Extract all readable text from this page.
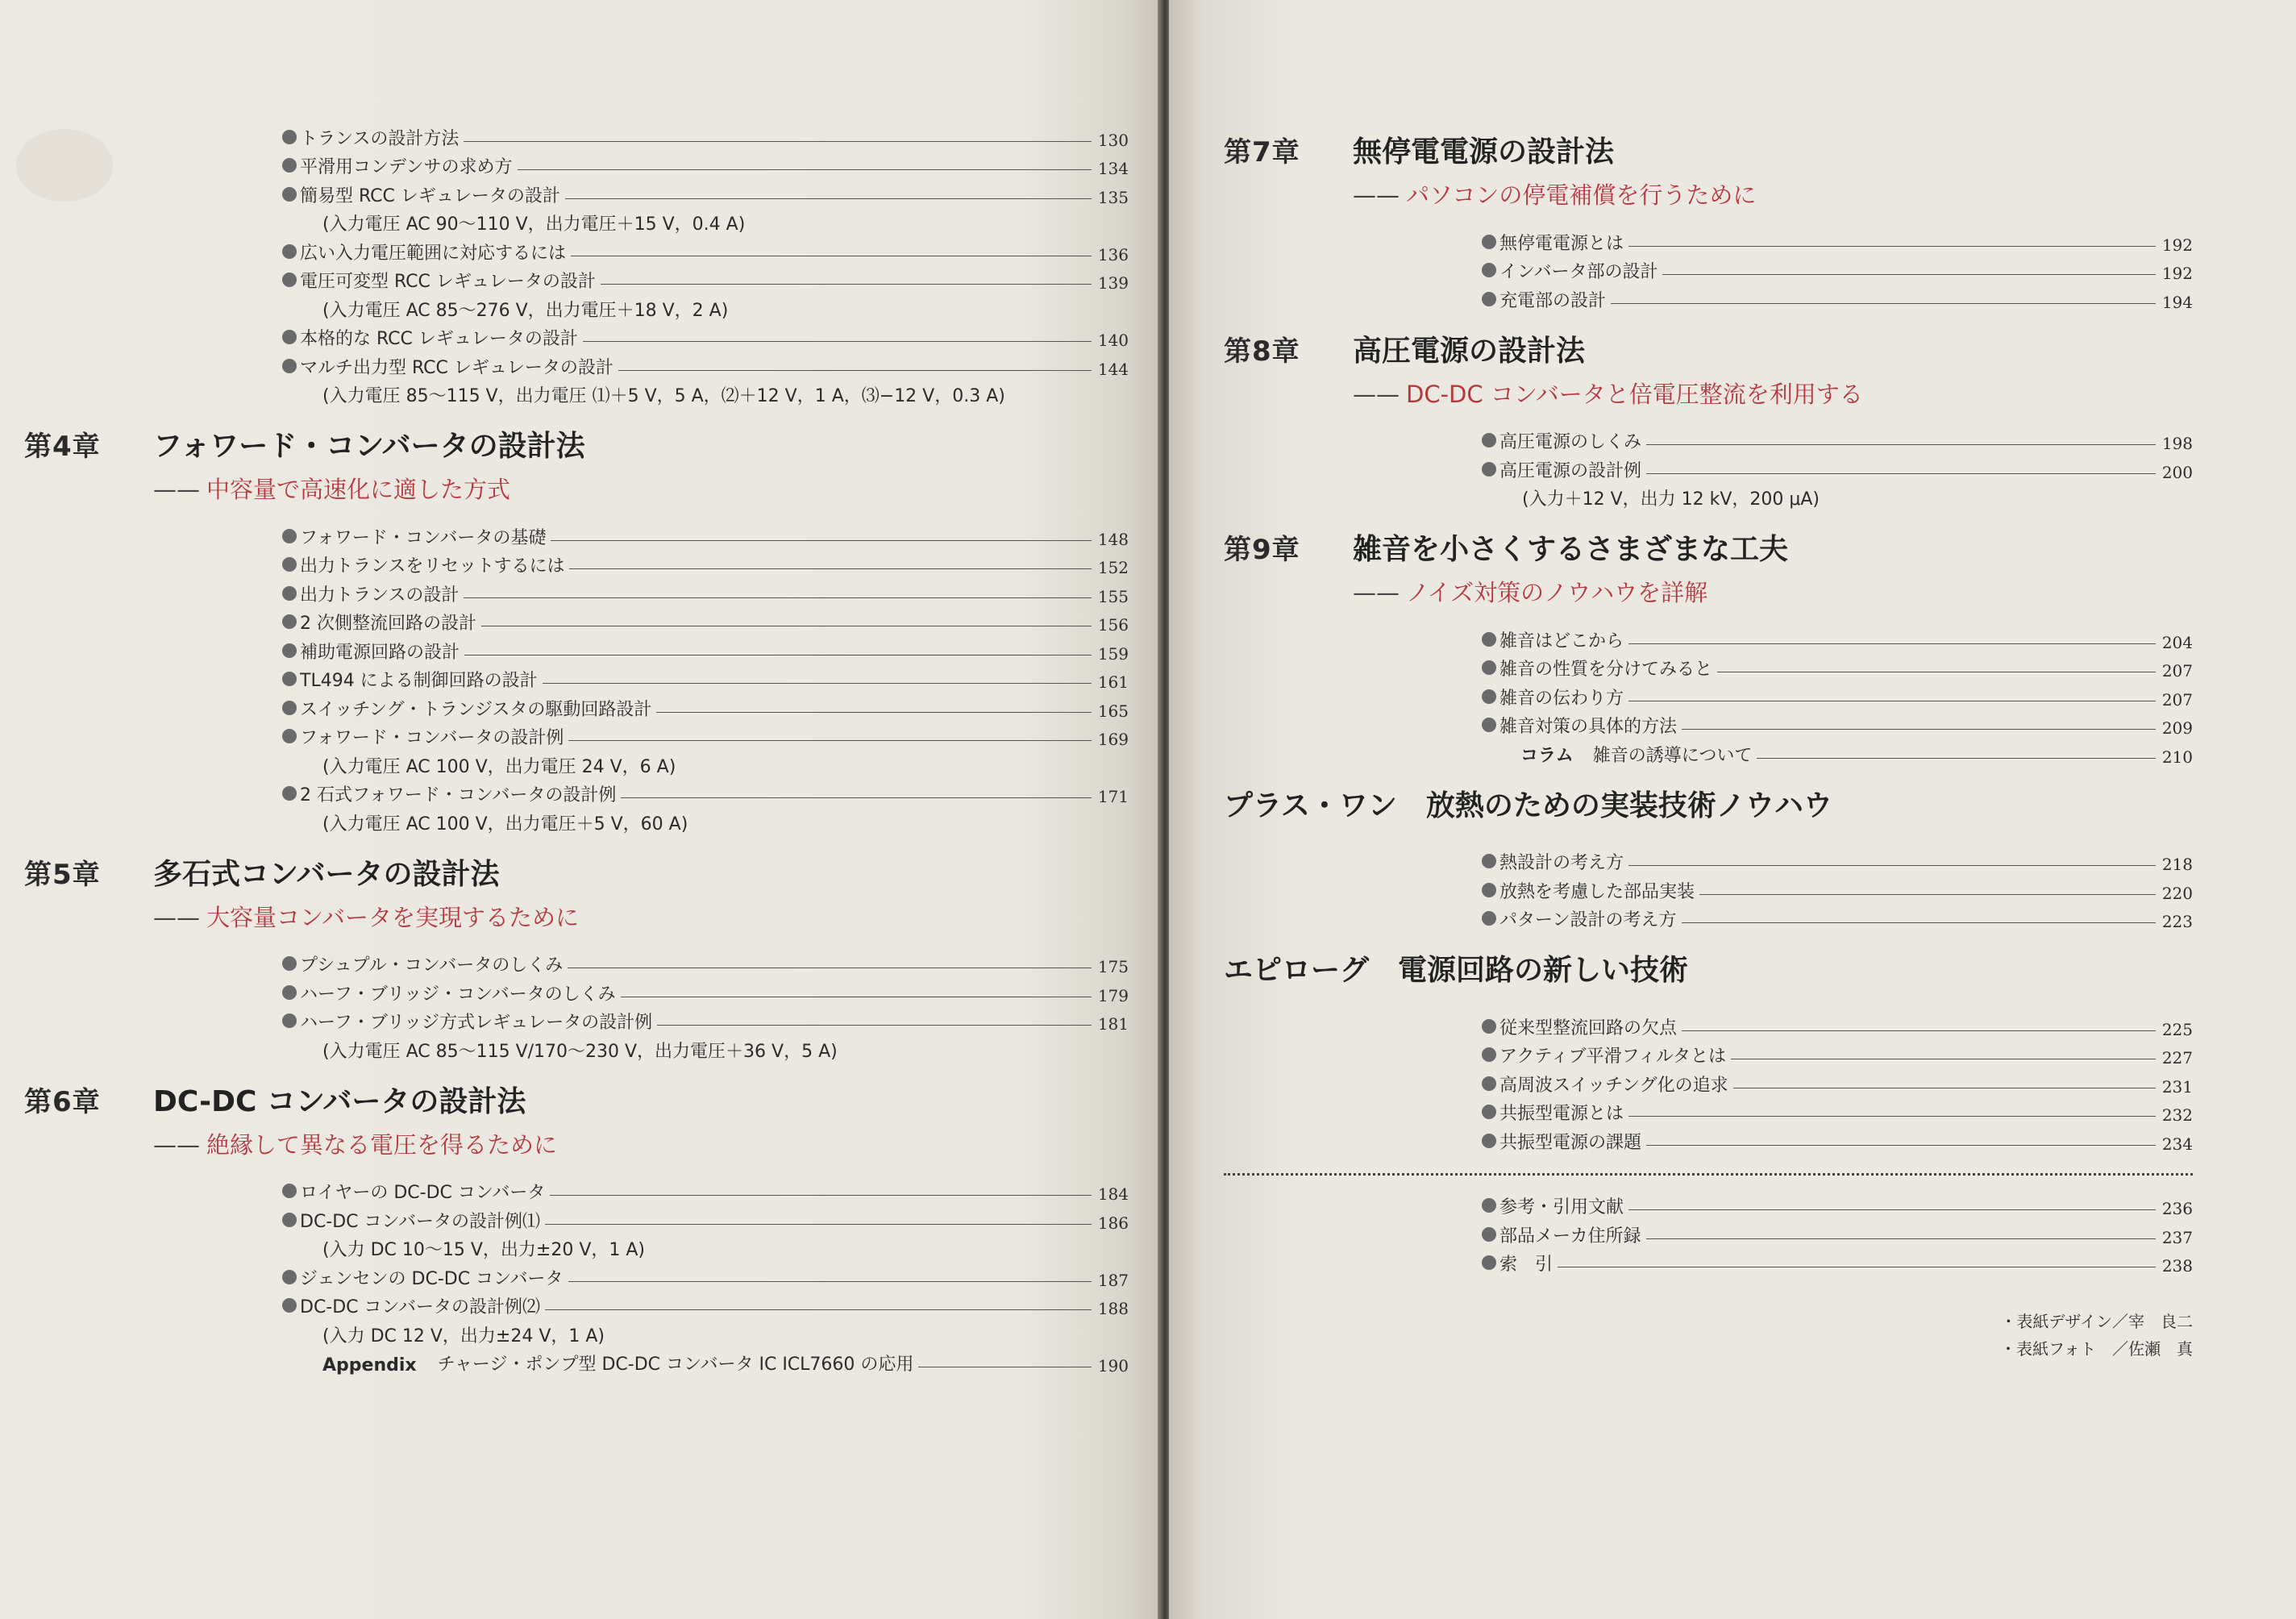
トランスの設計方法	130
平滑用コンデンサの求め方	134
簡易型 RCC レギュレータの設計	135
(入力電圧 AC 90～110 V，出力電圧＋15 V，0.4 A)
広い入力電圧範囲に対応するには	136
電圧可変型 RCC レギュレータの設計	139
(入力電圧 AC 85～276 V，出力電圧＋18 V，2 A)
本格的な RCC レギュレータの設計	140
マルチ出力型 RCC レギュレータの設計	144
(入力電圧 85～115 V，出力電圧 ⑴＋5 V，5 A，⑵＋12 V，1 A，⑶−12 V，0.3 A)
第4章	フォワード・コンバータの設計法
—— 中容量で高速化に適した方式
フォワード・コンバータの基礎	148
出力トランスをリセットするには	152
出力トランスの設計	155
2 次側整流回路の設計	156
補助電源回路の設計	159
TL494 による制御回路の設計	161
スイッチング・トランジスタの駆動回路設計	165
フォワード・コンバータの設計例	169
(入力電圧 AC 100 V，出力電圧 24 V，6 A)
2 石式フォワード・コンバータの設計例	171
(入力電圧 AC 100 V，出力電圧＋5 V，60 A)
第5章	多石式コンバータの設計法
—— 大容量コンバータを実現するために
プシュプル・コンバータのしくみ	175
ハーフ・ブリッジ・コンバータのしくみ	179
ハーフ・ブリッジ方式レギュレータの設計例	181
(入力電圧 AC 85～115 V/170～230 V，出力電圧＋36 V，5 A)
第6章	DC-DC コンバータの設計法
—— 絶縁して異なる電圧を得るために
ロイヤーの DC-DC コンバータ	184
DC-DC コンバータの設計例⑴	186
(入力 DC 10～15 V，出力±20 V，1 A)
ジェンセンの DC-DC コンバータ	187
DC-DC コンバータの設計例⑵	188
(入力 DC 12 V，出力±24 V，1 A)
Appendix チャージ・ポンプ型 DC-DC コンバータ IC ICL7660 の応用	190
第7章	無停電電源の設計法
—— パソコンの停電補償を行うために
無停電電源とは	192
インバータ部の設計	192
充電部の設計	194
第8章	高圧電源の設計法
—— DC-DC コンバータと倍電圧整流を利用する
高圧電源のしくみ	198
高圧電源の設計例	200
(入力＋12 V，出力 12 kV，200 μA)
第9章	雑音を小さくするさまざまな工夫
—— ノイズ対策のノウハウを詳解
雑音はどこから	204
雑音の性質を分けてみると	207
雑音の伝わり方	207
雑音対策の具体的方法	209
コラム 雑音の誘導について	210
プラス・ワン　放熱のための実装技術ノウハウ
熱設計の考え方	218
放熱を考慮した部品実装	220
パターン設計の考え方	223
エピローグ　電源回路の新しい技術
従来型整流回路の欠点	225
アクティブ平滑フィルタとは	227
高周波スイッチング化の追求	231
共振型電源とは	232
共振型電源の課題	234
参考・引用文献	236
部品メーカ住所録	237
索　引	238
・表紙デザイン／宰　良二
・表紙フォト　／佐瀬　真
